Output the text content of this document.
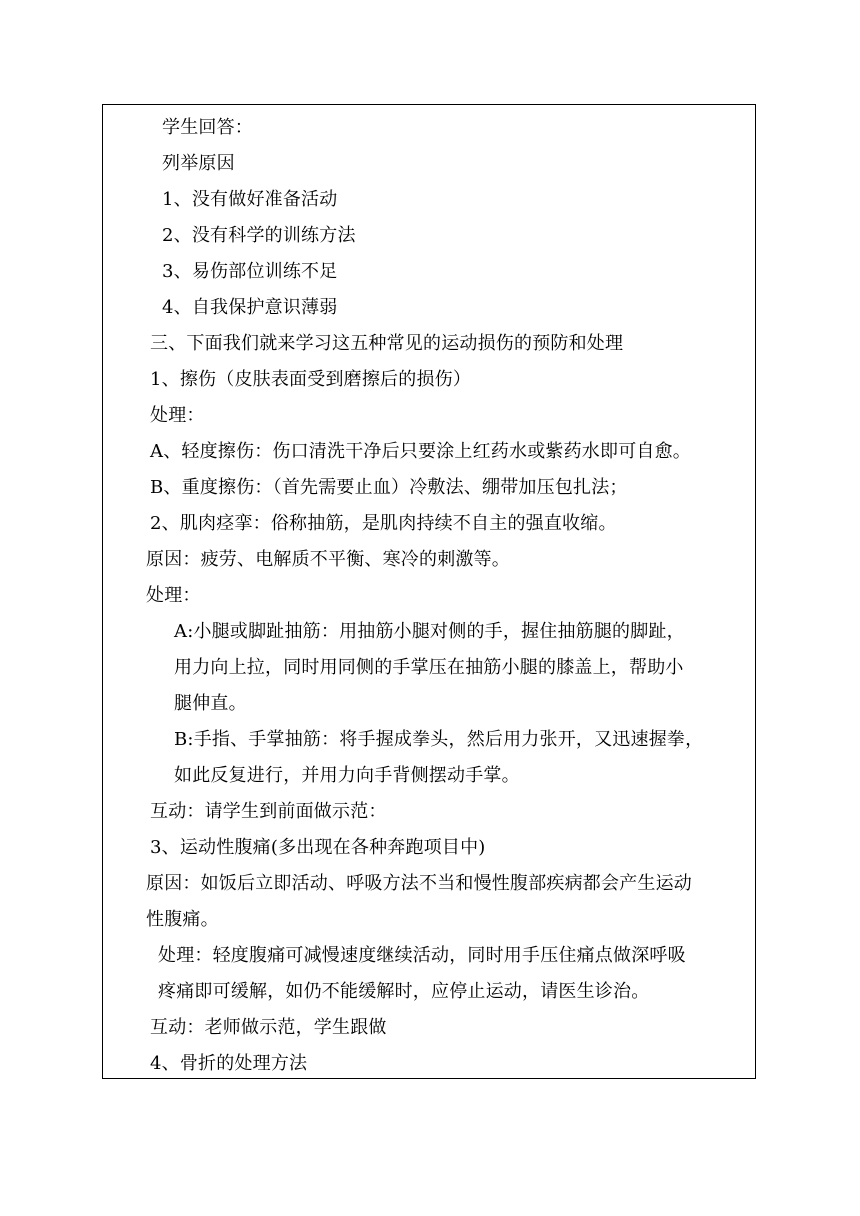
学生回答：
列举原因
1、没有做好准备活动
2、没有科学的训练方法
3、易伤部位训练不足
4、自我保护意识薄弱
三、下面我们就来学习这五种常见的运动损伤的预防和处理
1、擦伤（皮肤表面受到磨擦后的损伤）
处理：
A、轻度擦伤：伤口清洗干净后只要涂上红药水或紫药水即可自愈。
B、重度擦伤：（首先需要止血）冷敷法、绷带加压包扎法；
2、肌肉痉挛：俗称抽筋，是肌肉持续不自主的强直收缩。
原因：疲劳、电解质不平衡、寒冷的刺激等。
处理：
A:小腿或脚趾抽筋：用抽筋小腿对侧的手，握住抽筋腿的脚趾，
用力向上拉，同时用同侧的手掌压在抽筋小腿的膝盖上，帮助小
腿伸直。
B:手指、手掌抽筋：将手握成拳头，然后用力张开，又迅速握拳，
如此反复进行，并用力向手背侧摆动手掌。
互动：请学生到前面做示范：
3、运动性腹痛(多出现在各种奔跑项目中)
原因：如饭后立即活动、呼吸方法不当和慢性腹部疾病都会产生运动
性腹痛。
处理：轻度腹痛可减慢速度继续活动，同时用手压住痛点做深呼吸
疼痛即可缓解，如仍不能缓解时，应停止运动，请医生诊治。
互动：老师做示范，学生跟做
4、骨折的处理方法
